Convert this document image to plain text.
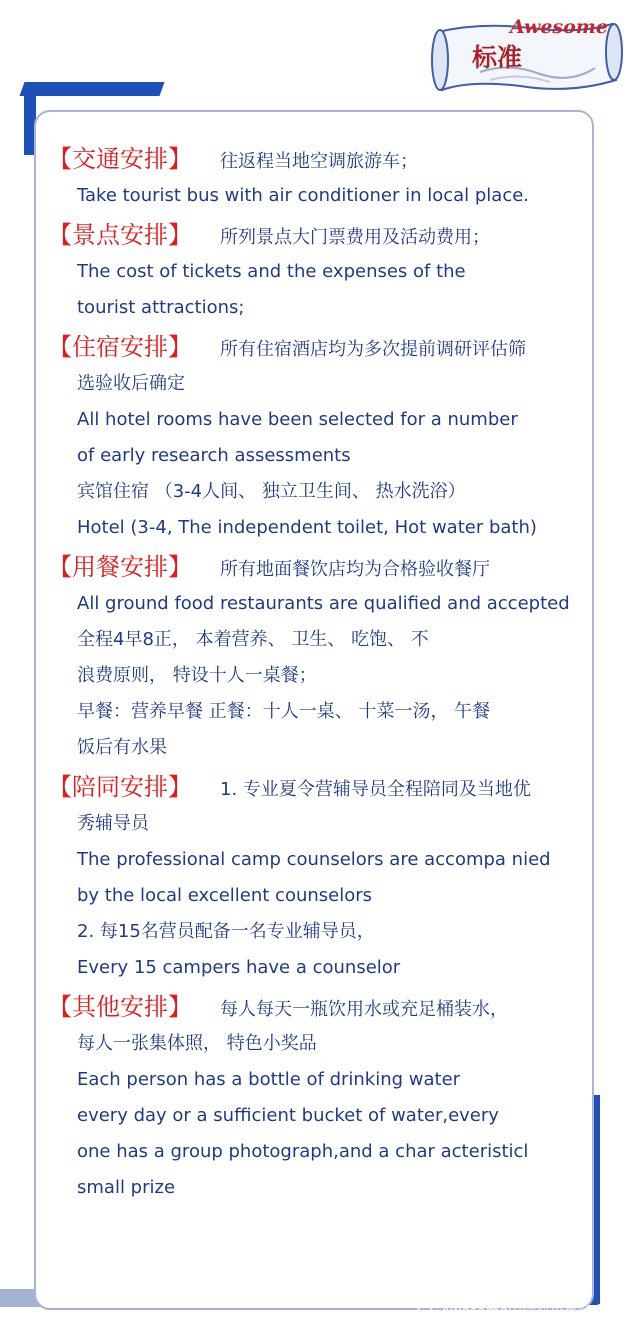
Awesome
标准
【交通安排】 往返程当地空调旅游车；
Take tourist bus with air conditioner in local place.
【景点安排】 所列景点大门票费用及活动费用；
The cost of tickets and the expenses of the
tourist attractions;
【住宿安排】 所有住宿酒店均为多次提前调研评估筛
选验收后确定
All hotel rooms have been selected for a number
of early research assessments
宾馆住宿 （3-4人间、 独立卫生间、 热水洗浴）
Hotel (3-4, The independent toilet, Hot water bath)
【用餐安排】 所有地面餐饮店均为合格验收餐厅
All ground food restaurants are qualified and accepted
全程4早8正， 本着营养、 卫生、 吃饱、 不
浪费原则， 特设十人一桌餐；
早餐：营养早餐 正餐：十人一桌、 十菜一汤， 午餐
饭后有水果
【陪同安排】 1. 专业夏令营辅导员全程陪同及当地优
秀辅导员
The professional camp counselors are accompa nied
by the local excellent counselors
2. 每15名营员配备一名专业辅导员，
Every 15 campers have a counselor
【其他安排】 每人每天一瓶饮用水或充足桶装水，
每人一张集体照， 特色小奖品
Each person has a bottle of drinking water
every day or a sufficient bucket of water,every
one has a group photograph,and a char acteristicl
small prize
Awesome国际双语夏冬令营
